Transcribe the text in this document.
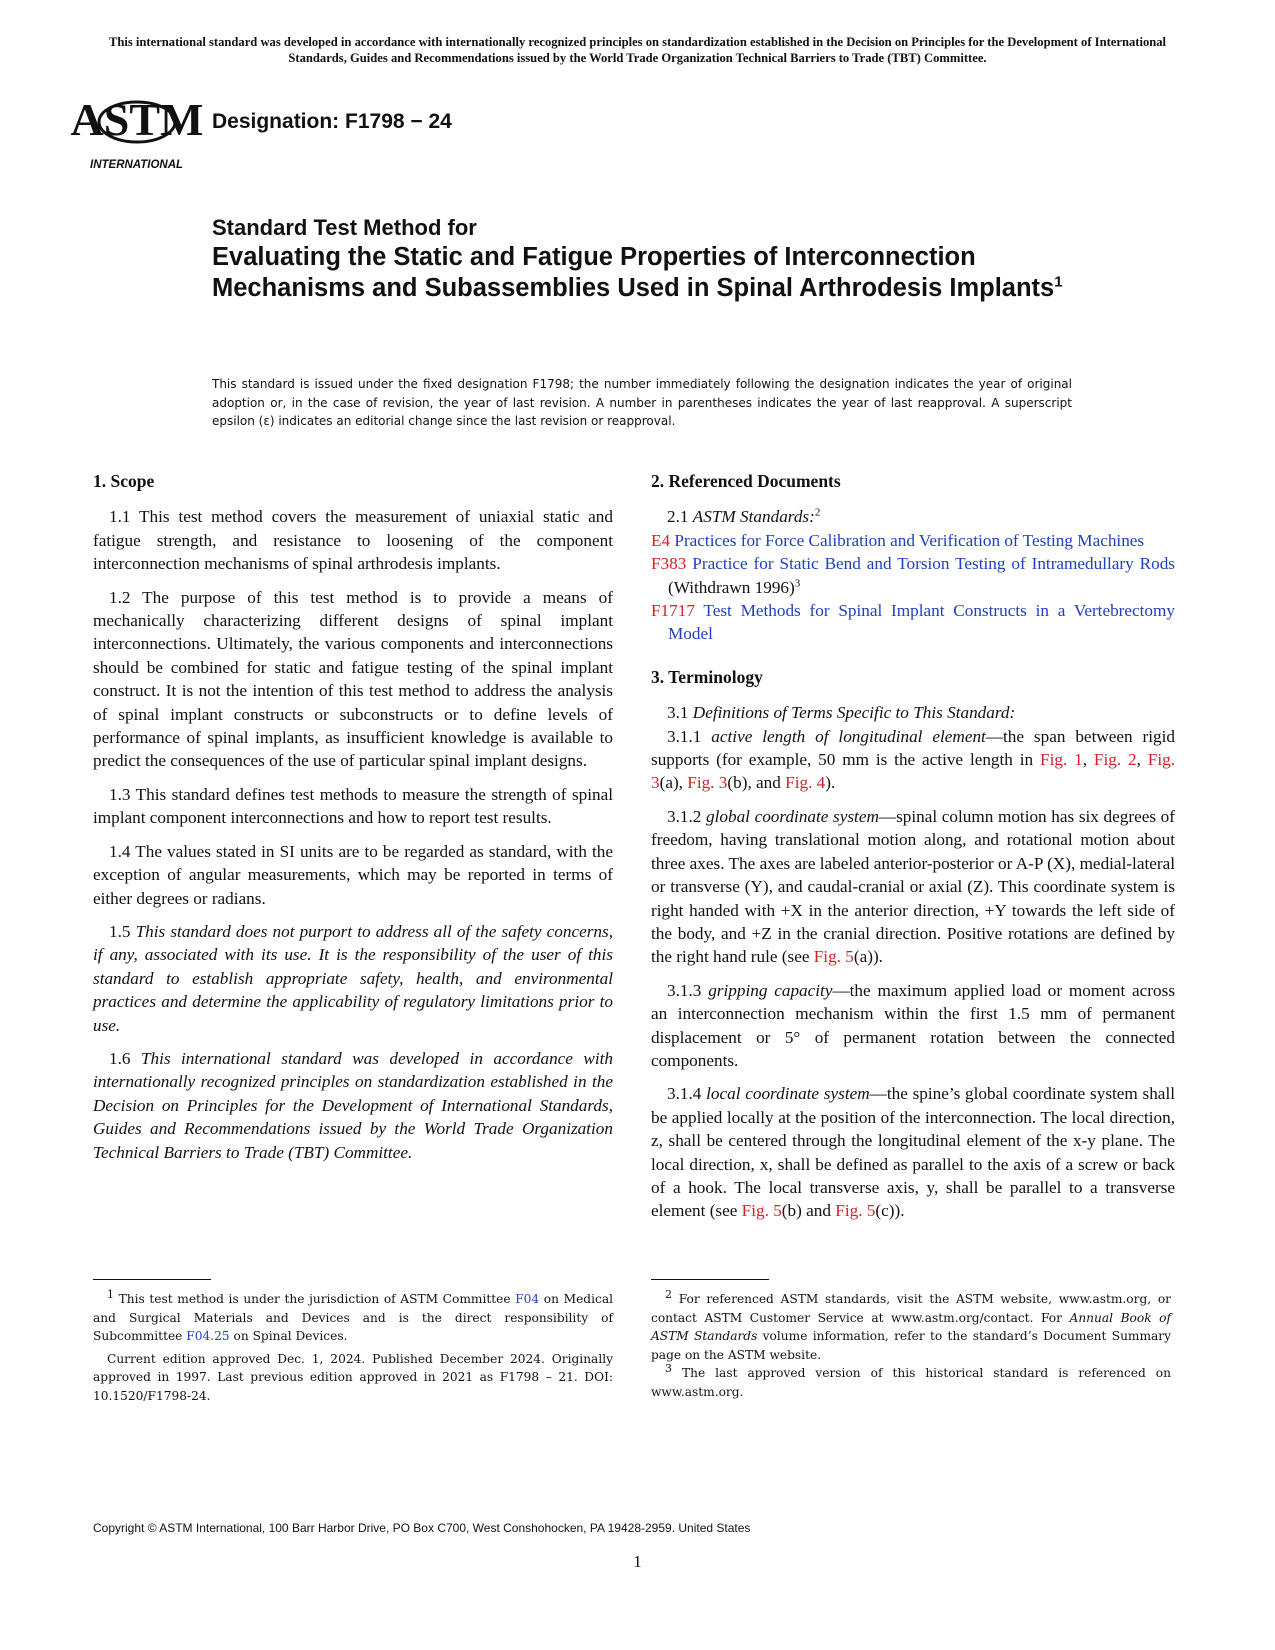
This international standard was developed in accordance with internationally recognized principles on standardization established in the Decision on Principles for the Development of International Standards, Guides and Recommendations issued by the World Trade Organization Technical Barriers to Trade (TBT) Committee.
ASTM
INTERNATIONAL
Designation: F1798 − 24
Standard Test Method for
Evaluating the Static and Fatigue Properties of Interconnection Mechanisms and Subassemblies Used in Spinal Arthrodesis Implants$^1$
This standard is issued under the fixed designation F1798; the number immediately following the designation indicates the year of original adoption or, in the case of revision, the year of last revision. A number in parentheses indicates the year of last reapproval. A superscript epsilon (ε) indicates an editorial change since the last revision or reapproval.
1. Scope

1.1 This test method covers the measurement of uniaxial static and fatigue strength, and resistance to loosening of the component interconnection mechanisms of spinal arthrodesis implants.

1.2 The purpose of this test method is to provide a means of mechanically characterizing different designs of spinal implant interconnections. Ultimately, the various components and interconnections should be combined for static and fatigue testing of the spinal implant construct. It is not the intention of this test method to address the analysis of spinal implant constructs or subconstructs or to define levels of performance of spinal implants, as insufficient knowledge is available to predict the consequences of the use of particular spinal implant designs.

1.3 This standard defines test methods to measure the strength of spinal implant component interconnections and how to report test results.

1.4 The values stated in SI units are to be regarded as standard, with the exception of angular measurements, which may be reported in terms of either degrees or radians.

1.5 This standard does not purport to address all of the safety concerns, if any, associated with its use. It is the responsibility of the user of this standard to establish appropriate safety, health, and environmental practices and determine the applicability of regulatory limitations prior to use.

1.6 This international standard was developed in accordance with internationally recognized principles on standardization established in the Decision on Principles for the Development of International Standards, Guides and Recommendations issued by the World Trade Organization Technical Barriers to Trade (TBT) Committee.

2. Referenced Documents

2.1 ASTM Standards:$^2$

E4 Practices for Force Calibration and Verification of Testing Machines

F383 Practice for Static Bend and Torsion Testing of Intramedullary Rods (Withdrawn 1996)$^3$

F1717 Test Methods for Spinal Implant Constructs in a Vertebrectomy Model

3. Terminology

3.1 Definitions of Terms Specific to This Standard:

3.1.1 active length of longitudinal element—the span between rigid supports (for example, 50 mm is the active length in Fig. 1, Fig. 2, Fig. 3(a), Fig. 3(b), and Fig. 4).

3.1.2 global coordinate system—spinal column motion has six degrees of freedom, having translational motion along, and rotational motion about three axes. The axes are labeled anterior-posterior or A-P (X), medial-lateral or transverse (Y), and caudal-cranial or axial (Z). This coordinate system is right handed with +X in the anterior direction, +Y towards the left side of the body, and +Z in the cranial direction. Positive rotations are defined by the right hand rule (see Fig. 5(a)).

3.1.3 gripping capacity—the maximum applied load or moment across an interconnection mechanism within the first 1.5 mm of permanent displacement or 5° of permanent rotation between the connected components.

3.1.4 local coordinate system—the spine’s global coordinate system shall be applied locally at the position of the interconnection. The local direction, z, shall be centered through the longitudinal element of the x-y plane. The local direction, x, shall be defined as parallel to the axis of a screw or back of a hook. The local transverse axis, y, shall be parallel to a transverse element (see Fig. 5(b) and Fig. 5(c)).

$^1$ This test method is under the jurisdiction of ASTM Committee F04 on Medical and Surgical Materials and Devices and is the direct responsibility of Subcommittee F04.25 on Spinal Devices.

Current edition approved Dec. 1, 2024. Published December 2024. Originally approved in 1997. Last previous edition approved in 2021 as F1798 – 21. DOI: 10.1520/F1798-24.

$^2$ For referenced ASTM standards, visit the ASTM website, www.astm.org, or contact ASTM Customer Service at www.astm.org/contact. For Annual Book of ASTM Standards volume information, refer to the standard’s Document Summary page on the ASTM website.

$^3$ The last approved version of this historical standard is referenced on www.astm.org.

Copyright © ASTM International, 100 Barr Harbor Drive, PO Box C700, West Conshohocken, PA 19428-2959. United States
1
